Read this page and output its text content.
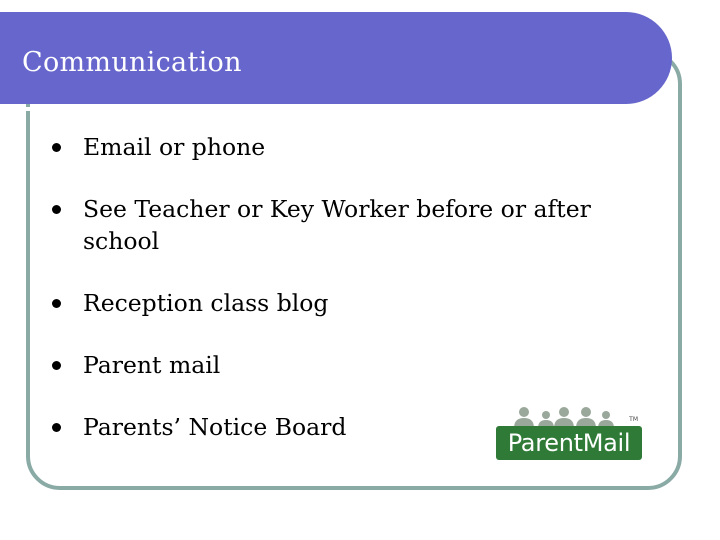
Communication
Email or phone
See Teacher or Key Worker before or after school
Reception class blog
Parent mail
Parents’ Notice Board	TM
ParentMail
